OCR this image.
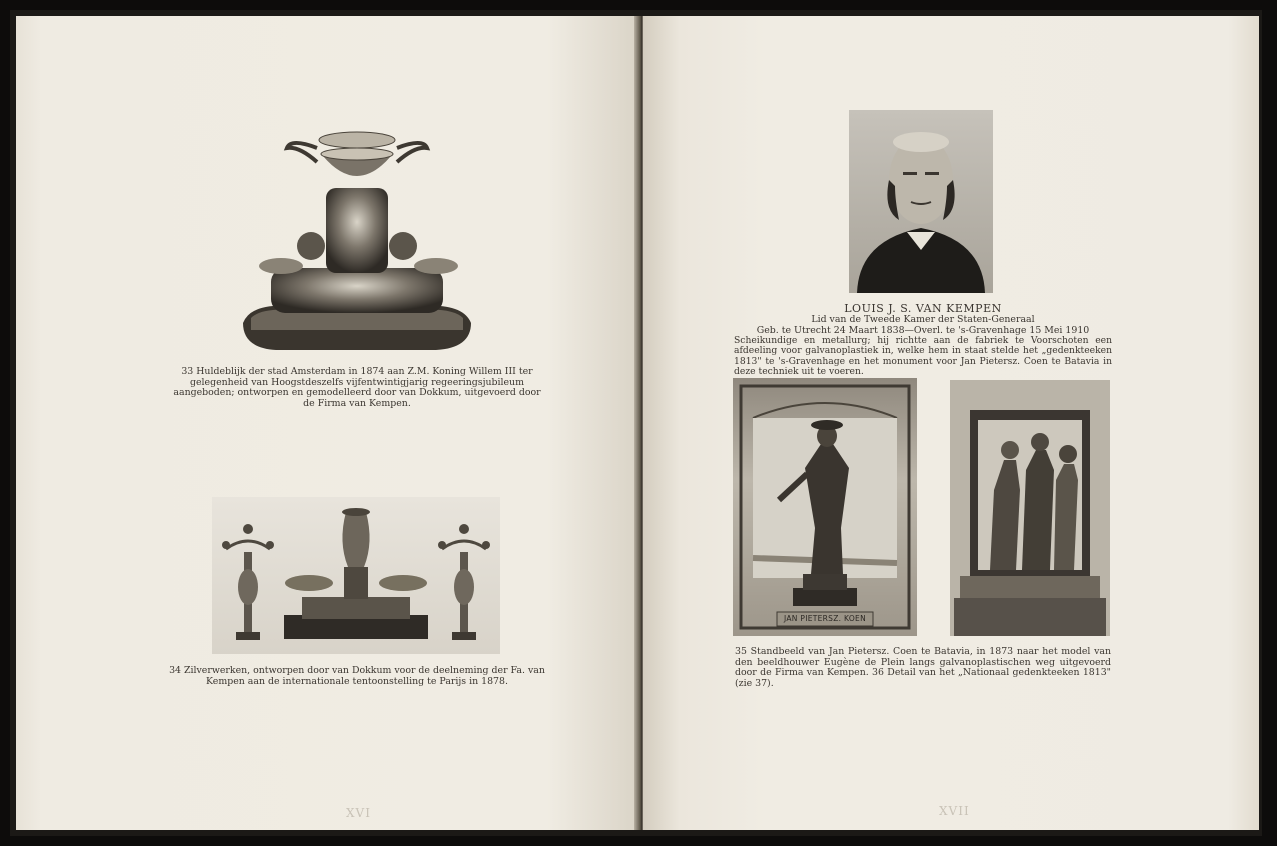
33 Huldeblijk der stad Amsterdam in 1874 aan Z.M. Koning Willem III ter gelegenheid van Hoogstdeszelfs vijfentwintigjarig regeeringsjubileum aangeboden; ontworpen en gemodelleerd door van Dokkum, uitgevoerd door de Firma van Kempen.

34 Zilverwerken, ontworpen door van Dokkum voor de deelneming der Fa. van Kempen aan de internationale tentoonstelling te Parijs in 1878.

XVI
LOUIS J. S. VAN KEMPEN
Lid van de Tweede Kamer der Staten-Generaal
Geb. te Utrecht 24 Maart 1838—Overl. te 's-Gravenhage 15 Mei 1910

Scheikundige en metallurg; hij richtte aan de fabriek te Voorschoten een afdeeling voor galvanoplastiek in, welke hem in staat stelde het „gedenkteeken 1813" te 's-Gravenhage en het monument voor Jan Pietersz. Coen te Batavia in deze techniek uit te voeren.

JAN PIETERSZ. KOEN

35 Standbeeld van Jan Pietersz. Coen te Batavia, in 1873 naar het model van den beeldhouwer Eugène de Plein langs galvanoplastischen weg uitgevoerd door de Firma van Kempen. 36 Detail van het „Nationaal gedenkteeken 1813" (zie 37).

XVII
